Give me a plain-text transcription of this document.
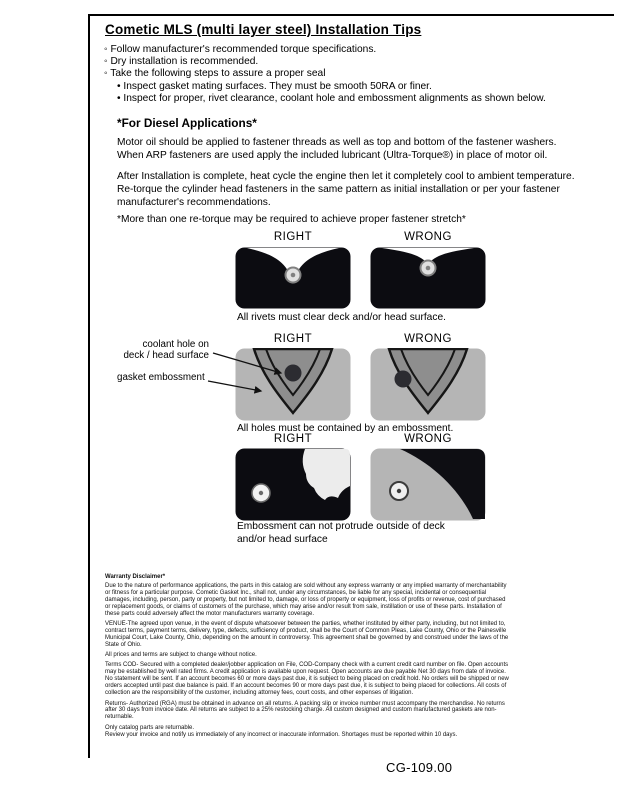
Cometic MLS (multi layer steel) Installation Tips
◦ Follow manufacturer's recommended torque specifications.
◦ Dry installation is recommended.
◦ Take the following steps to assure a proper seal
• Inspect gasket mating surfaces. They must be smooth 50RA or finer.
• Inspect for proper, rivet clearance, coolant hole and embossment alignments as shown below.
*For Diesel Applications*

Motor oil should be applied to fastener threads as well as top and bottom of the fastener washers. When ARP fasteners are used apply the included lubricant (Ultra-Torque®) in place of motor oil.

After Installation is complete, heat cycle the engine then let it completely cool to ambient temperature. Re-torque the cylinder head fasteners in the same pattern as initial installation or per your fastener manufacturer's recommendations.

*More than one re-torque may be required to achieve proper fastener stretch*
RIGHT	WRONG
All rivets must clear deck and/or head surface.
RIGHT	WRONG
coolant hole on
deck / head surface
gasket embossment
All holes must be contained by an embossment.
RIGHT	WRONG
Embossment can not protrude outside of deck and/or head surface
Warranty Disclaimer*

Due to the nature of performance applications, the parts in this catalog are sold without any express warranty or any implied warranty of merchantability or fitness for a particular purpose. Cometic Gasket Inc., shall not, under any circumstances, be liable for any special, incidental or consequential damages, including, person, party or property, but not limited to, damage, or loss of property or equipment, loss of profits or revenue, cost of purchased or replacement goods, or claims of customers of the purchase, which may arise and/or result from sale, instillation or use of these parts. Installation of these parts could adversely affect the motor manufacturers warranty coverage.

VENUE-The agreed upon venue, in the event of dispute whatsoever between the parties, whether instituted by either party, including, but not limited to, contract terms, payment terms, delivery, type, defects, sufficiency of product, shall be the Court of Common Pleas, Lake County, Ohio or the Painesville Municipal Court, Lake County, Ohio, depending on the amount in controversy. This agreement shall be governed by and construed under the laws of the State of Ohio.

All prices and terms are subject to change without notice.

Terms COD- Secured with a completed dealer/jobber application on File, COD-Company check with a current credit card number on file. Open accounts may be established by well rated firms. A credit application is available upon request. Open accounts are due payable Net 30 days from date of invoice. No statement will be sent. If an account becomes 60 or more days past due, it is subject to being placed on credit hold. No orders will be shipped or new orders accepted until past due balance is paid. If an account becomes 90 or more days past due, it is subject to being placed for collections. All costs of collection are the responsibility of the customer, including attorney fees, court costs, and other expenses of litigation.

Returns- Authorized (RGA) must be obtained in advance on all returns. A packing slip or invoice number must accompany the merchandise. No returns after 30 days from invoice date. All returns are subject to a 25% restocking charge. All custom designed and custom manufactured gaskets are non-returnable.

Only catalog parts are returnable.

Review your invoice and notify us immediately of any incorrect or inaccurate information. Shortages must be reported within 10 days.

CG-109.00
